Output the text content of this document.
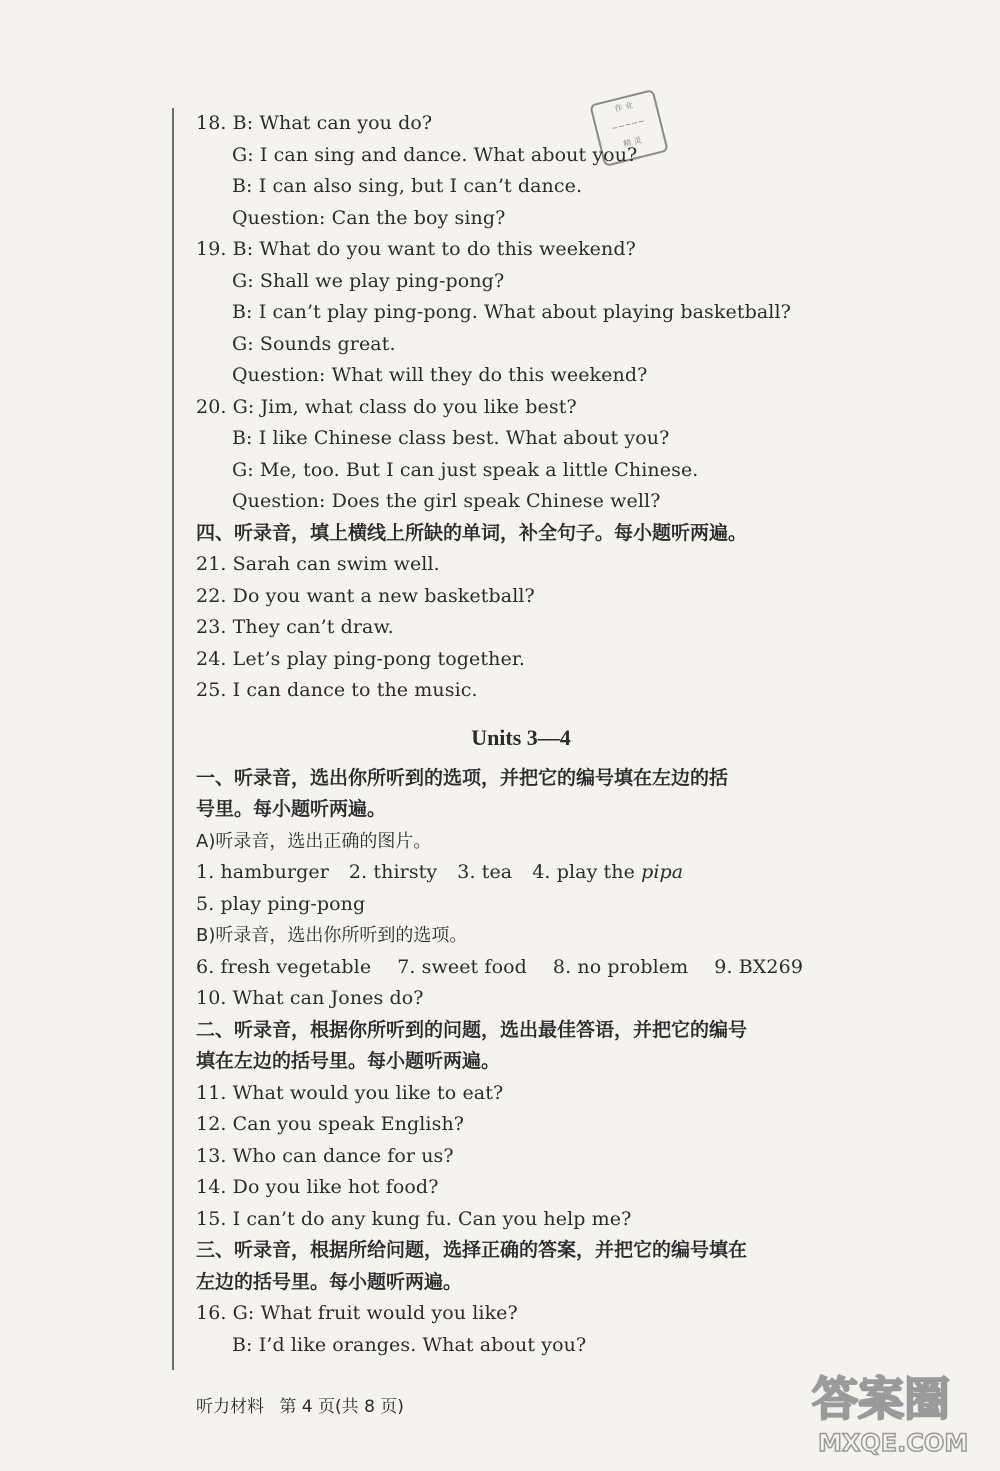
作 业
~~~~~
精 灵
18. B: What can you do?
G: I can sing and dance. What about you?
B: I can also sing, but I can’t dance.
Question: Can the boy sing?
19. B: What do you want to do this weekend?
G: Shall we play ping-pong?
B: I can’t play ping-pong. What about playing basketball?
G: Sounds great.
Question: What will they do this weekend?
20. G: Jim, what class do you like best?
B: I like Chinese class best. What about you?
G: Me, too. But I can just speak a little Chinese.
Question: Does the girl speak Chinese well?
四、听录音，填上横线上所缺的单词，补全句子。每小题听两遍。
21. Sarah can swim well.
22. Do you want a new basketball?
23. They can’t draw.
24. Let’s play ping-pong together.
25. I can dance to the music.
Units 3—4
一、听录音，选出你所听到的选项，并把它的编号填在左边的括
号里。每小题听两遍。
A)听录音，选出正确的图片。
1. hamburger 2. thirsty 3. tea 4. play the pipa
5. play ping-pong
B)听录音，选出你所听到的选项。
6. fresh vegetable 7. sweet food 8. no problem 9. BX269
10. What can Jones do?
二、听录音，根据你所听到的问题，选出最佳答语，并把它的编号
填在左边的括号里。每小题听两遍。
11. What would you like to eat?
12. Can you speak English?
13. Who can dance for us?
14. Do you like hot food?
15. I can’t do any kung fu. Can you help me?
三、听录音，根据所给问题，选择正确的答案，并把它的编号填在
左边的括号里。每小题听两遍。
16. G: What fruit would you like?
B: I’d like oranges. What about you?
听力材料 第 4 页(共 8 页)	答案圈
MXQE.COM
